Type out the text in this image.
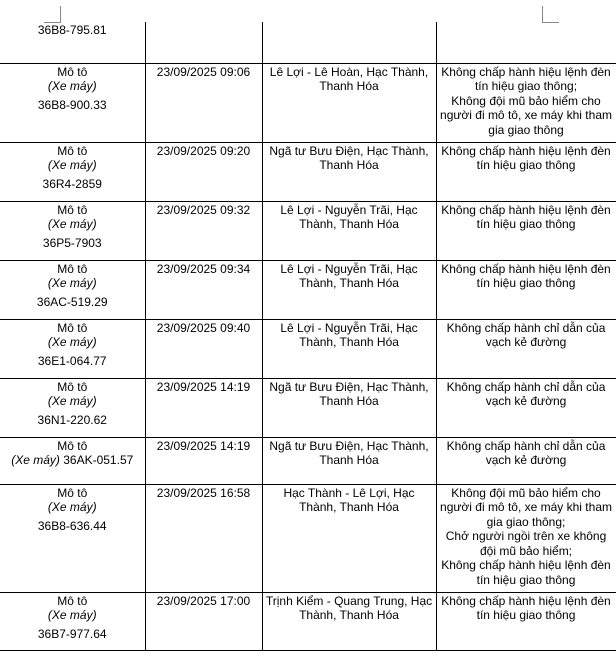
36B8-795.81			

Mô tô
(Xe máy)
36B8-900.33	23/09/2025 09:06	Lê Lợi - Lê Hoàn, Hạc Thành, Thanh Hóa	Không chấp hành hiệu lệnh đèn tín hiệu giao thông;
Không đội mũ bảo hiểm cho người đi mô tô, xe máy khi tham gia giao thông

Mô tô
(Xe máy)
36R4-2859	23/09/2025 09:20	Ngã tư Bưu Điện, Hạc Thành, Thanh Hóa	Không chấp hành hiệu lệnh đèn tín hiệu giao thông

Mô tô
(Xe máy)
36P5-7903	23/09/2025 09:32	Lê Lợi - Nguyễn Trãi, Hạc Thành, Thanh Hóa	Không chấp hành hiệu lệnh đèn tín hiệu giao thông

Mô tô
(Xe máy)
36AC-519.29	23/09/2025 09:34	Lê Lợi - Nguyễn Trãi, Hạc Thành, Thanh Hóa	Không chấp hành hiệu lệnh đèn tín hiệu giao thông

Mô tô
(Xe máy)
36E1-064.77	23/09/2025 09:40	Lê Lợi - Nguyễn Trãi, Hạc Thành, Thanh Hóa	Không chấp hành chỉ dẫn của vạch kẻ đường

Mô tô
(Xe máy)
36N1-220.62	23/09/2025 14:19	Ngã tư Bưu Điện, Hạc Thành, Thanh Hóa	Không chấp hành chỉ dẫn của vạch kẻ đường

Mô tô
(Xe máy) 36AK-051.57	23/09/2025 14:19	Ngã tư Bưu Điện, Hạc Thành, Thanh Hóa	Không chấp hành chỉ dẫn của vạch kẻ đường

Mô tô
(Xe máy)
36B8-636.44	23/09/2025 16:58	Hạc Thành - Lê Lợi, Hạc Thành, Thanh Hóa	Không đội mũ bảo hiểm cho người đi mô tô, xe máy khi tham gia giao thông;
Chở người ngồi trên xe không đội mũ bảo hiểm;
Không chấp hành hiệu lệnh đèn tín hiệu giao thông

Mô tô
(Xe máy)
36B7-977.64	23/09/2025 17:00	Trịnh Kiểm - Quang Trung, Hạc Thành, Thanh Hóa	Không chấp hành hiệu lệnh đèn tín hiệu giao thông
